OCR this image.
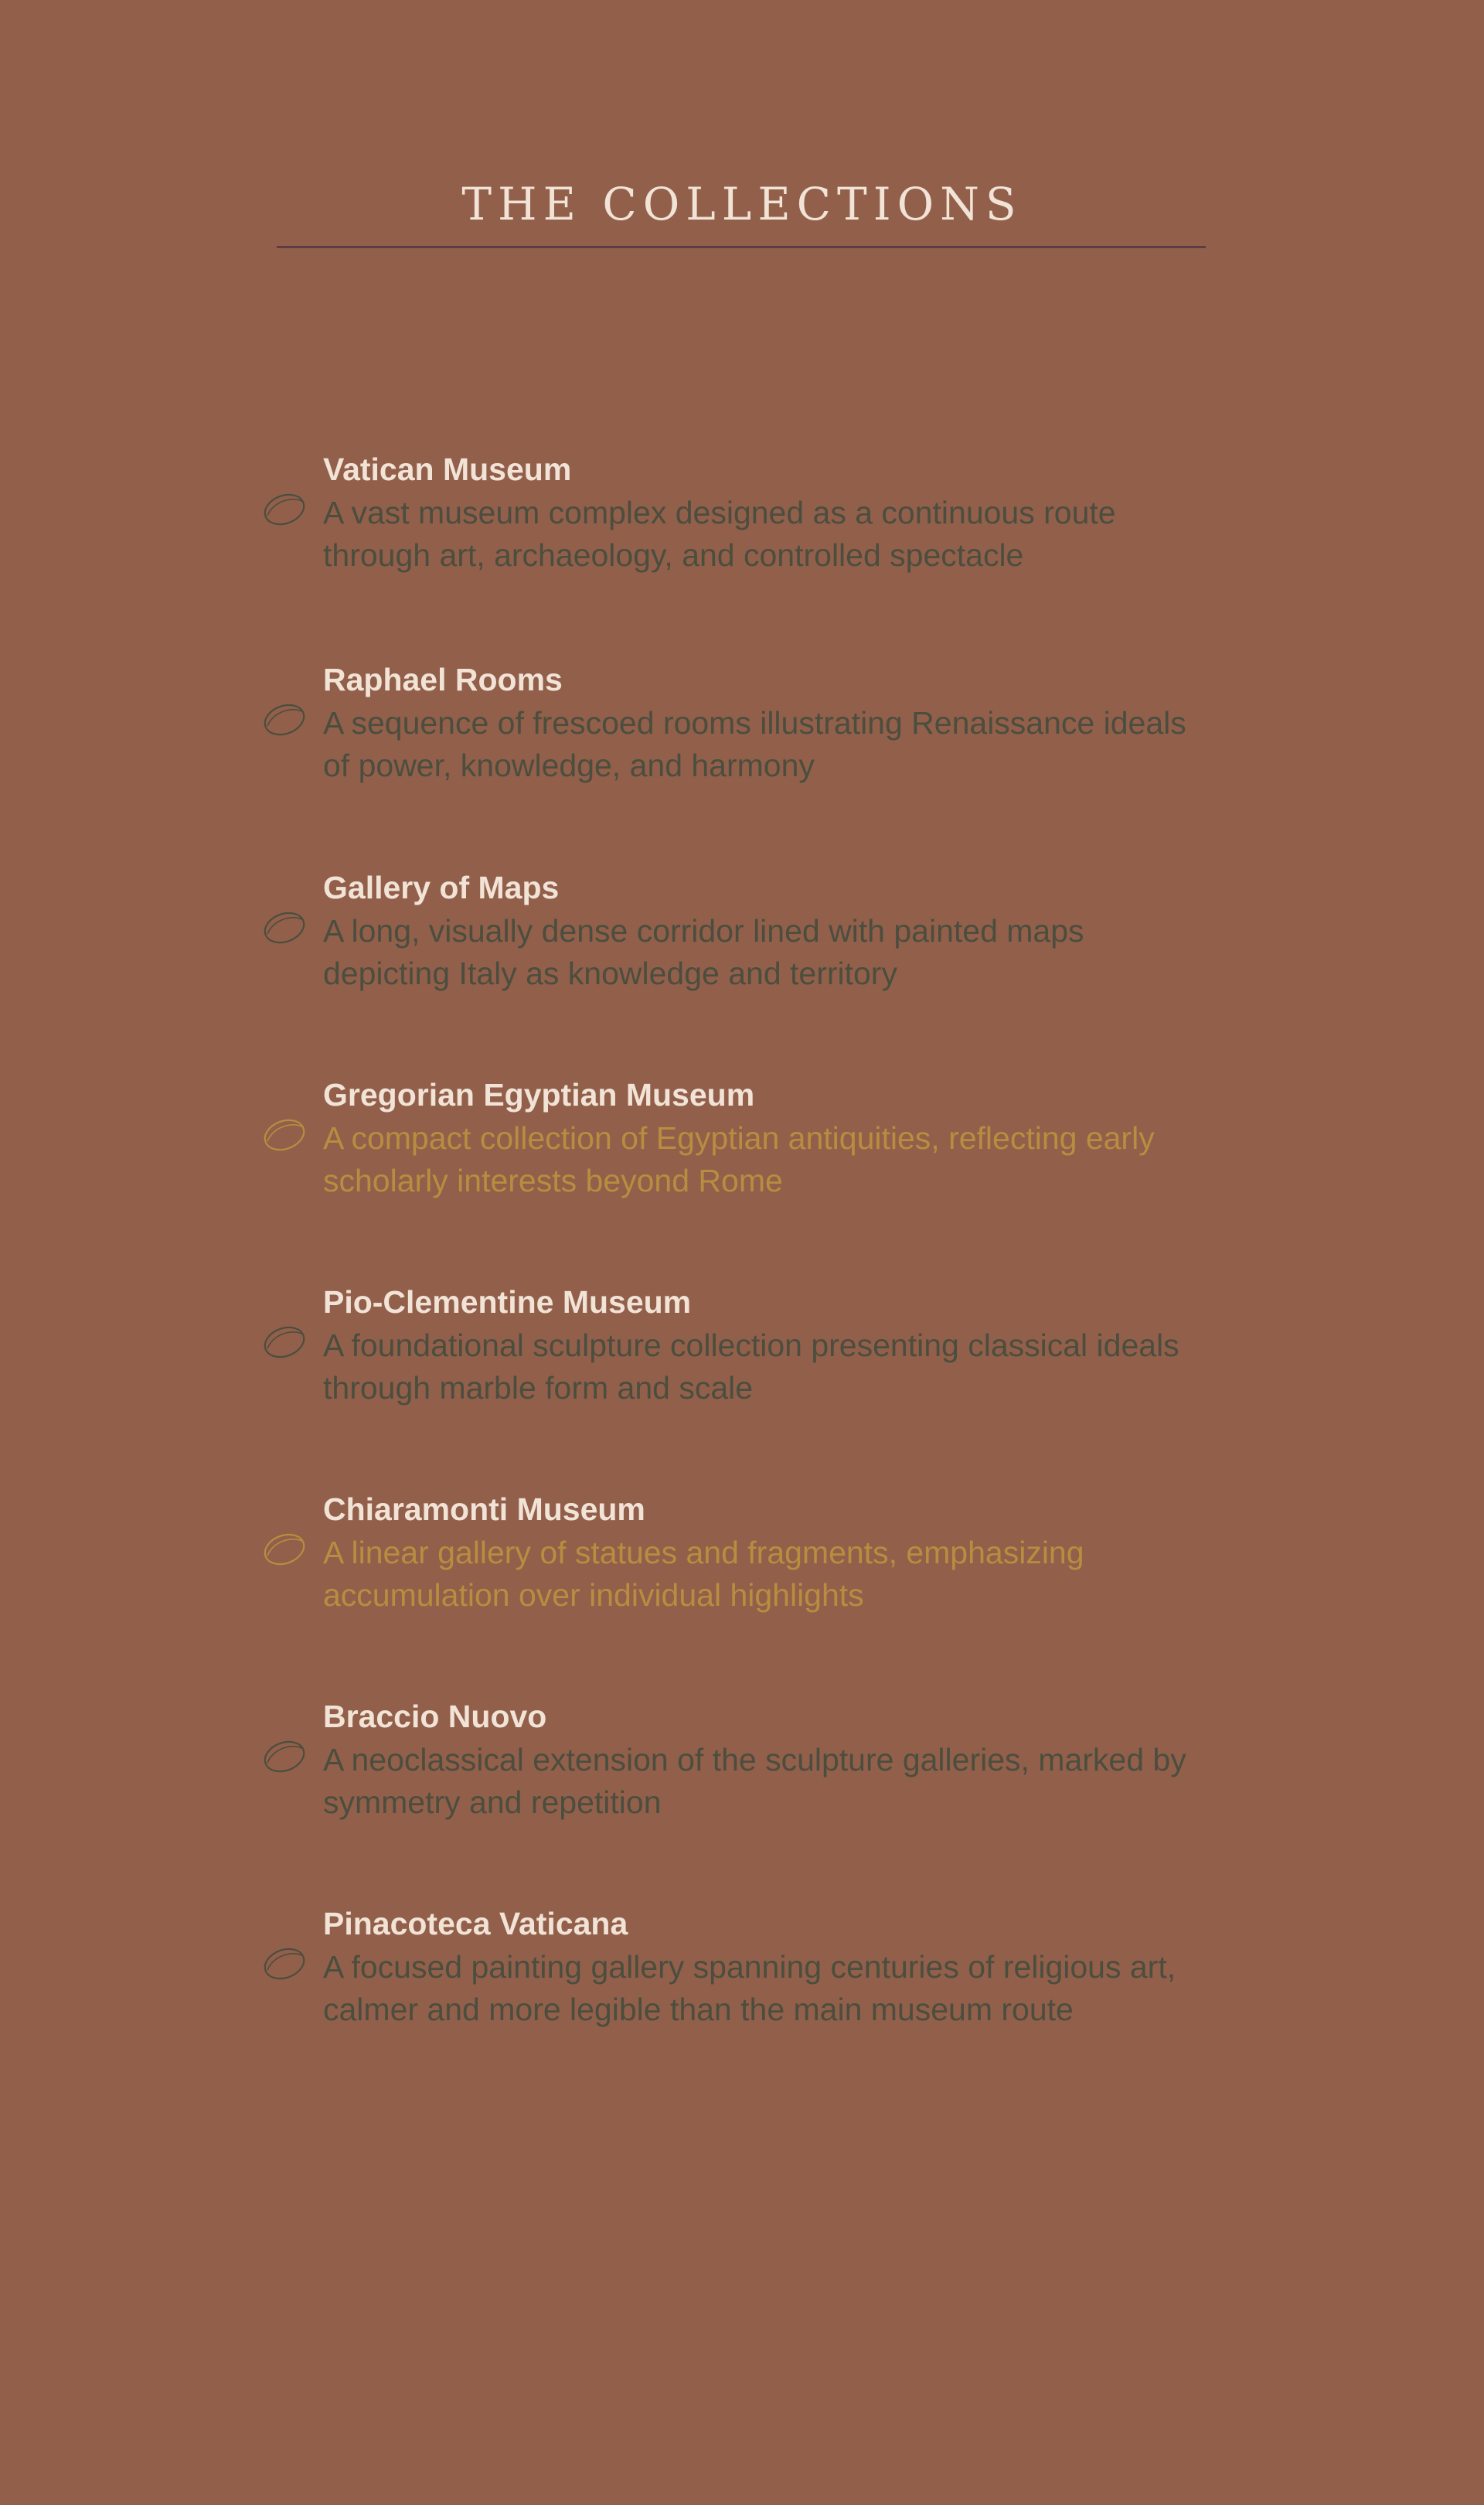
THE COLLECTIONS
Vatican Museum
A vast museum complex designed as a continuous route through art, archaeology, and controlled spectacle
Raphael Rooms
A sequence of frescoed rooms illustrating Renaissance ideals of power, knowledge, and harmony
Gallery of Maps
A long, visually dense corridor lined with painted maps depicting Italy as knowledge and territory
Gregorian Egyptian Museum
A compact collection of Egyptian antiquities, reflecting early scholarly interests beyond Rome
Pio-Clementine Museum
A foundational sculpture collection presenting classical ideals through marble form and scale
Chiaramonti Museum
A linear gallery of statues and fragments, emphasizing accumulation over individual highlights
Braccio Nuovo
A neoclassical extension of the sculpture galleries, marked by symmetry and repetition
Pinacoteca Vaticana
A focused painting gallery spanning centuries of religious art, calmer and more legible than the main museum route
